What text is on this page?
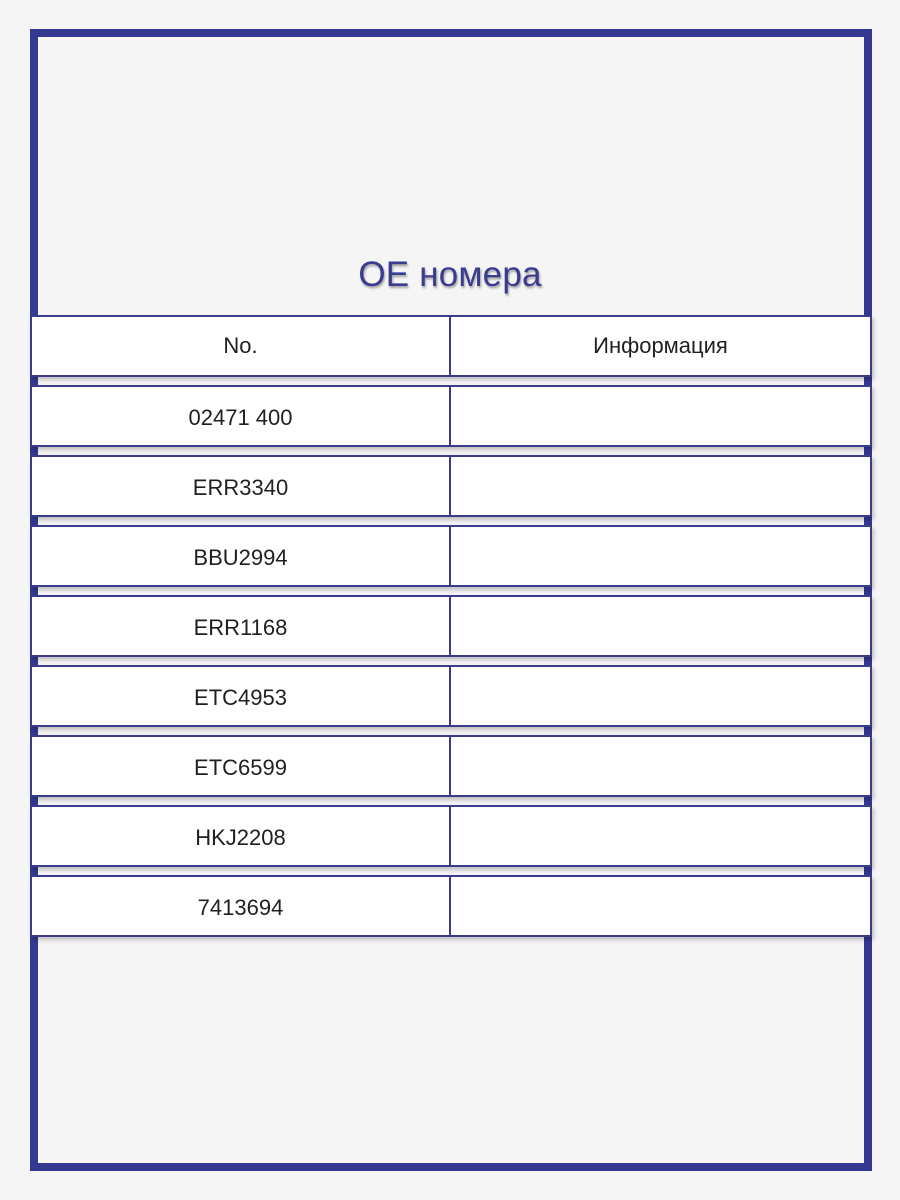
OE номера
No.	Информация
02471 400
ERR3340
BBU2994
ERR1168
ETC4953
ETC6599
HKJ2208
7413694
